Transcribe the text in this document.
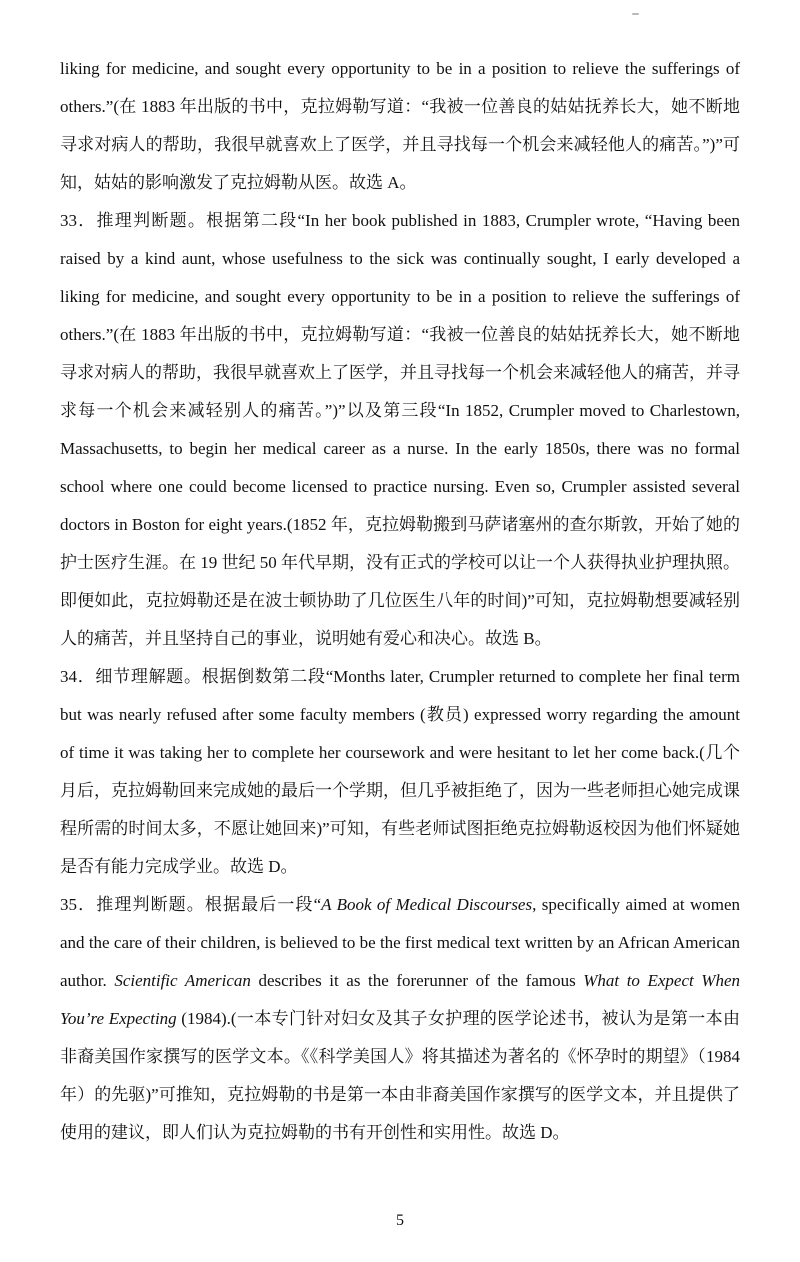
liking for medicine, and sought every opportunity to be in a position to relieve the sufferings of others.”(在 1883 年出版的书中，克拉姆勒写道：“我被一位善良的姑姑抚养长大，她不断地寻求对病人的帮助，我很早就喜欢上了医学，并且寻找每一个机会来减轻他人的痛苦。”)”可知，姑姑的影响激发了克拉姆勒从医。故选 A。

33．推理判断题。根据第二段“In her book published in 1883, Crumpler wrote, “Having been raised by a kind aunt, whose usefulness to the sick was continually sought, I early developed a liking for medicine, and sought every opportunity to be in a position to relieve the sufferings of others.”(在 1883 年出版的书中，克拉姆勒写道：“我被一位善良的姑姑抚养长大，她不断地寻求对病人的帮助，我很早就喜欢上了医学，并且寻找每一个机会来减轻他人的痛苦，并寻求每一个机会来减轻别人的痛苦。”)”以及第三段“In 1852, Crumpler moved to Charlestown, Massachusetts, to begin her medical career as a nurse. In the early 1850s, there was no formal school where one could become licensed to practice nursing. Even so, Crumpler assisted several doctors in Boston for eight years.(1852 年，克拉姆勒搬到马萨诸塞州的查尔斯敦，开始了她的护士医疗生涯。在 19 世纪 50 年代早期，没有正式的学校可以让一个人获得执业护理执照。即便如此，克拉姆勒还是在波士顿协助了几位医生八年的时间)”可知，克拉姆勒想要减轻别人的痛苦，并且坚持自己的事业，说明她有爱心和决心。故选 B。

34．细节理解题。根据倒数第二段“Months later, Crumpler returned to complete her final term but was nearly refused after some faculty members (教员) expressed worry regarding the amount of time it was taking her to complete her coursework and were hesitant to let her come back.(几个月后，克拉姆勒回来完成她的最后一个学期，但几乎被拒绝了，因为一些老师担心她完成课程所需的时间太多，不愿让她回来)”可知，有些老师试图拒绝克拉姆勒返校因为他们怀疑她是否有能力完成学业。故选 D。

35．推理判断题。根据最后一段“A Book of Medical Discourses, specifically aimed at women and the care of their children, is believed to be the first medical text written by an African American author. Scientific American describes it as the forerunner of the famous What to Expect When You’re Expecting (1984).(一本专门针对妇女及其子女护理的医学论述书，被认为是第一本由非裔美国作家撰写的医学文本。《《科学美国人》将其描述为著名的《怀孕时的期望》（1984 年）的先驱)”可推知，克拉姆勒的书是第一本由非裔美国作家撰写的医学文本，并且提供了使用的建议，即人们认为克拉姆勒的书有开创性和实用性。故选 D。

5
